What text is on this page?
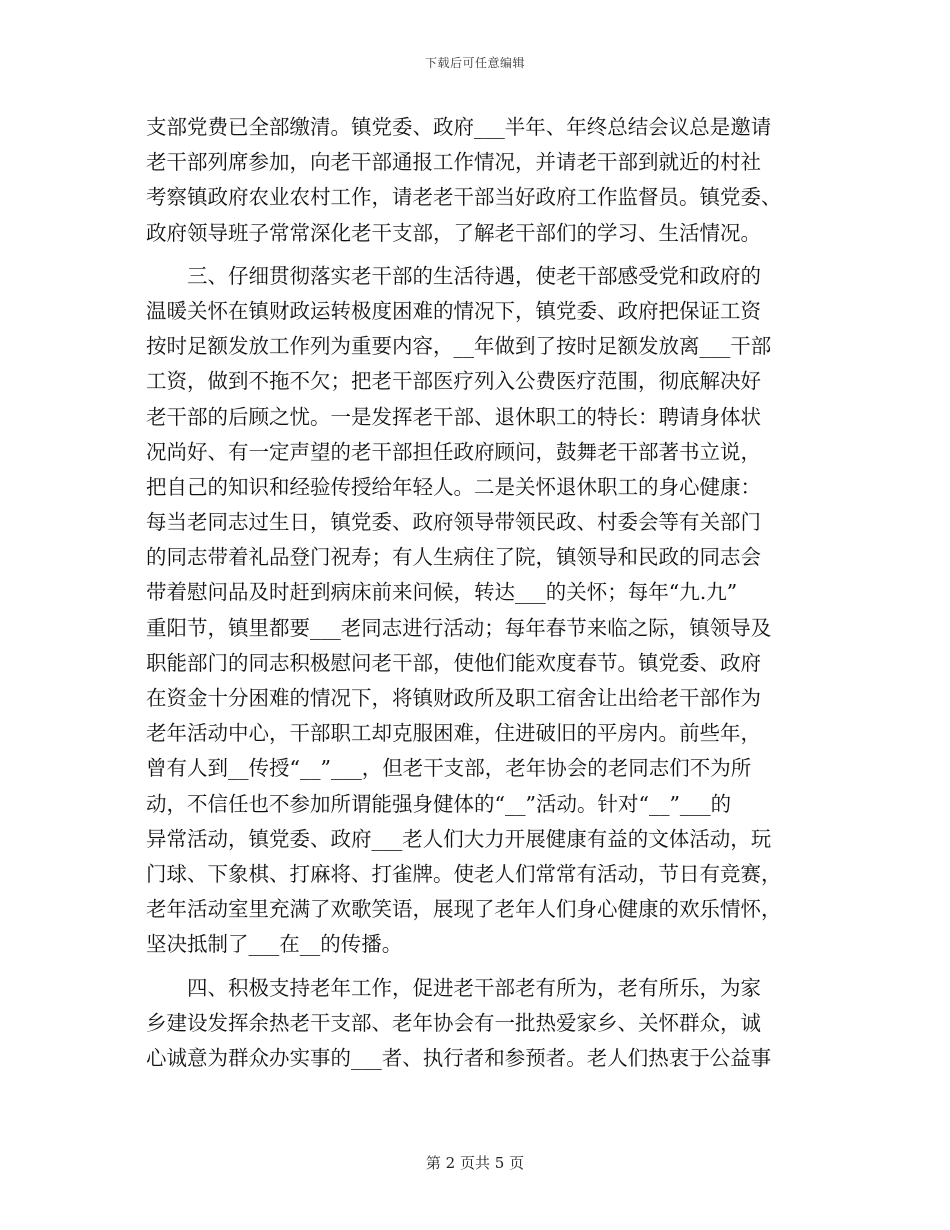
下载后可任意编辑
支部党费已全部缴清。镇党委、政府___半年、年终总结会议总是邀请
老干部列席参加，向老干部通报工作情况，并请老干部到就近的村社
考察镇政府农业农村工作，请老老干部当好政府工作监督员。镇党委、
政府领导班子常常深化老干支部，了解老干部们的学习、生活情况。
　　三、仔细贯彻落实老干部的生活待遇，使老干部感受党和政府的
温暖关怀在镇财政运转极度困难的情况下，镇党委、政府把保证工资
按时足额发放工作列为重要内容，__年做到了按时足额发放离___干部
工资，做到不拖不欠；把老干部医疗列入公费医疗范围，彻底解决好
老干部的后顾之忧。一是发挥老干部、退休职工的特长：聘请身体状
况尚好、有一定声望的老干部担任政府顾问，鼓舞老干部著书立说，
把自己的知识和经验传授给年轻人。二是关怀退休职工的身心健康：
每当老同志过生日，镇党委、政府领导带领民政、村委会等有关部门
的同志带着礼品登门祝寿；有人生病住了院，镇领导和民政的同志会
带着慰问品及时赶到病床前来问候，转达___的关怀；每年“九.九”
重阳节，镇里都要___老同志进行活动；每年春节来临之际，镇领导及
职能部门的同志积极慰问老干部，使他们能欢度春节。镇党委、政府
在资金十分困难的情况下，将镇财政所及职工宿舍让出给老干部作为
老年活动中心，干部职工却克服困难，住进破旧的平房内。前些年，
曾有人到__传授“__”___，但老干支部，老年协会的老同志们不为所
动，不信任也不参加所谓能强身健体的“__”活动。针对“__”___的
异常活动，镇党委、政府___老人们大力开展健康有益的文体活动，玩
门球、下象棋、打麻将、打雀牌。使老人们常常有活动，节日有竞赛，
老年活动室里充满了欢歌笑语，展现了老年人们身心健康的欢乐情怀，
坚决抵制了___在__的传播。
　　四、积极支持老年工作，促进老干部老有所为，老有所乐，为家
乡建设发挥余热老干支部、老年协会有一批热爱家乡、关怀群众，诚
心诚意为群众办实事的___者、执行者和参预者。老人们热衷于公益事
第 2 页共 5 页
